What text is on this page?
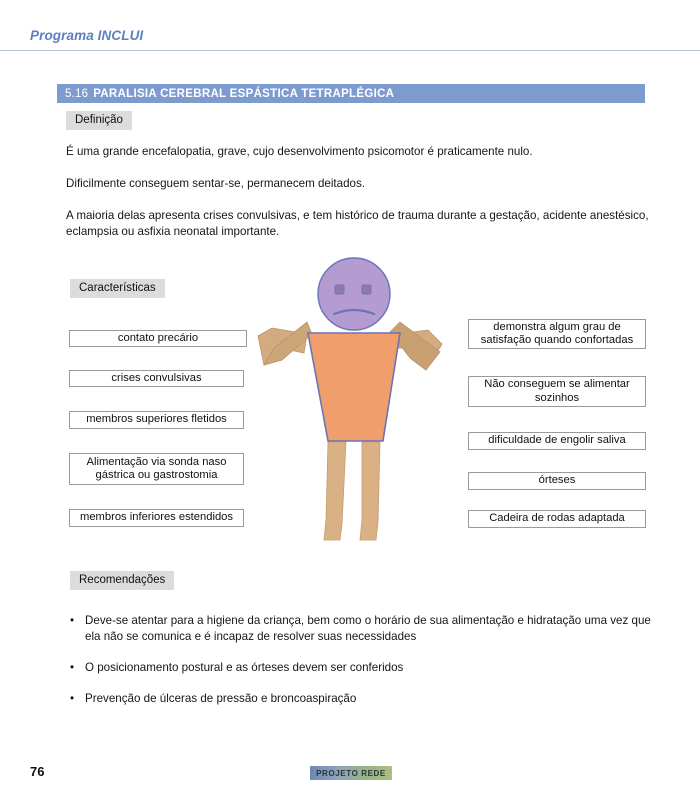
Programa INCLUI
5.16 PARALISIA CEREBRAL ESPÁSTICA TETRAPLÉGICA
Definição
É uma grande encefalopatia, grave, cujo desenvolvimento psicomotor é praticamente nulo.
Dificilmente conseguem sentar-se, permanecem deitados.
A maioria delas apresenta crises convulsivas, e tem histórico de trauma durante a gestação, acidente anestésico, eclampsia ou asfixia neonatal importante.
Características
contato precário
crises convulsivas
membros superiores fletidos
Alimentação via sonda naso gástrica ou gastrostomia
membros inferiores estendidos
demonstra algum grau de satisfação quando confortadas
Não conseguem se alimentar sozinhos
dificuldade de engolir saliva
órteses
Cadeira de rodas adaptada
Recomendações
• Deve-se atentar para a higiene da criança, bem como o horário de sua alimentação e hidratação uma vez que ela não se comunica e é incapaz de resolver suas necessidades
• O posicionamento postural e as órteses devem ser conferidos
• Prevenção de úlceras de pressão e broncoaspiração
76	PROJETO REDE
